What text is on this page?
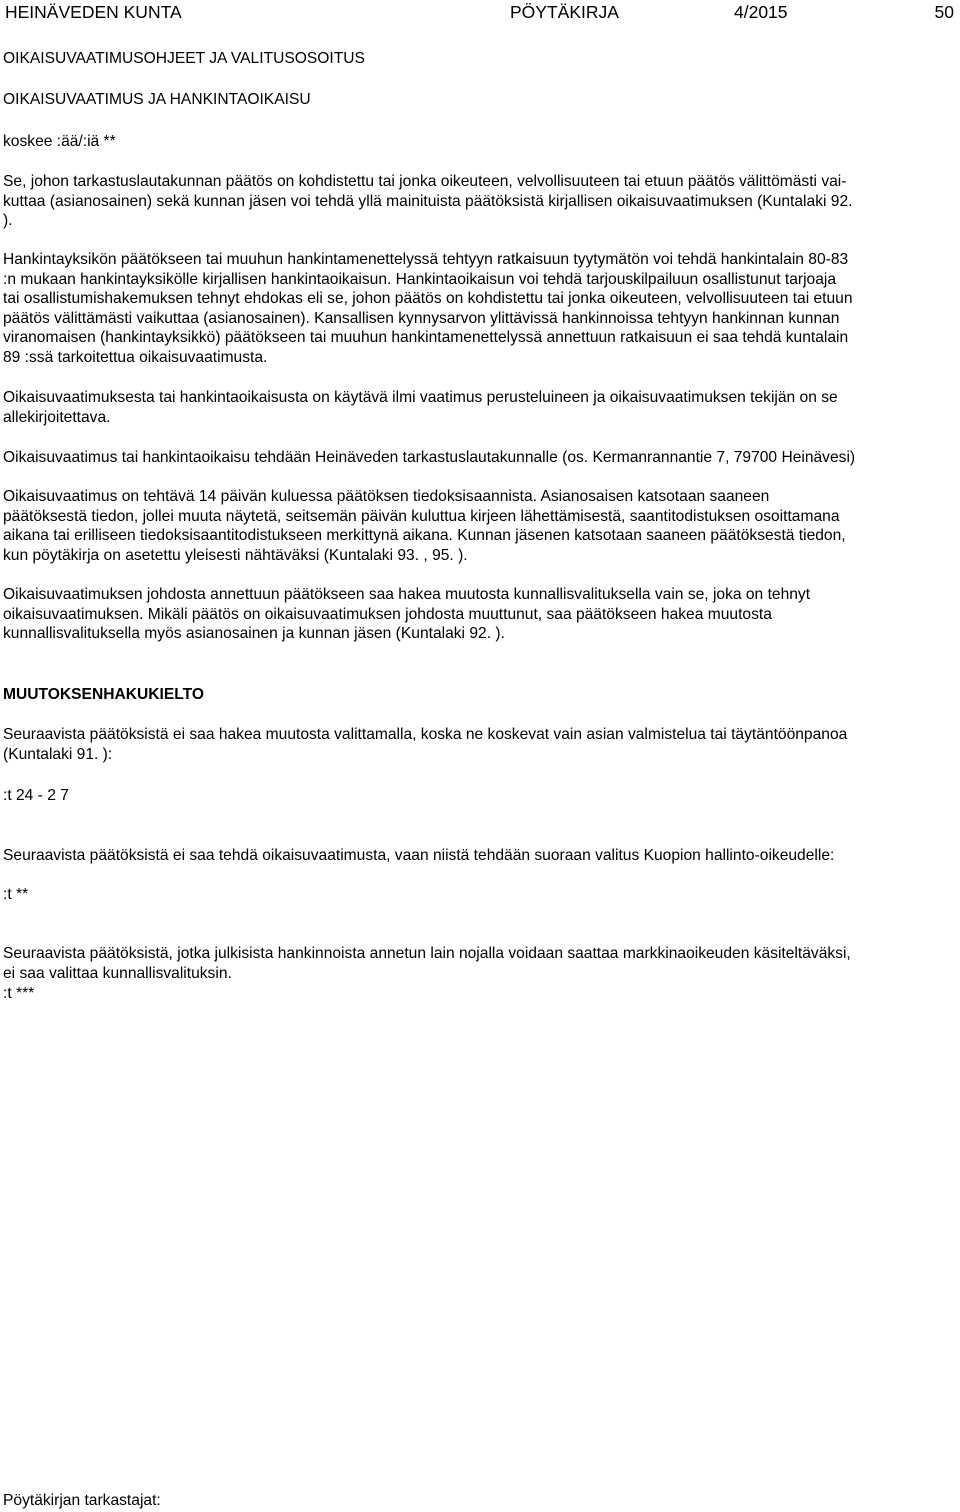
HEINÄVEDEN KUNTA	PÖYTÄKIRJA	4/2015	50
OIKAISUVAATIMUSOHJEET JA VALITUSOSOITUS
OIKAISUVAATIMUS JA HANKINTAOIKAISU
koskee :ää/:iä **

Se, johon tarkastuslautakunnan päätös on kohdistettu tai jonka oikeuteen, velvollisuuteen tai etuun päätös välittömästi vai-

kuttaa (asianosainen) sekä kunnan jäsen voi tehdä yllä mainituista päätöksistä kirjallisen oikaisuvaatimuksen (Kuntalaki 92.

).

Hankintayksikön päätökseen tai muuhun hankintamenettelyssä tehtyyn ratkaisuun tyytymätön voi tehdä hankintalain 80-83

:n mukaan hankintayksikölle kirjallisen hankintaoikaisun. Hankintaoikaisun voi tehdä tarjouskilpailuun osallistunut tarjoaja

tai osallistumishakemuksen tehnyt ehdokas eli se, johon päätös on kohdistettu tai jonka oikeuteen, velvollisuuteen tai etuun

päätös välittämästi vaikuttaa (asianosainen). Kansallisen kynnysarvon ylittävissä hankinnoissa tehtyyn hankinnan kunnan

viranomaisen (hankintayksikkö) päätökseen tai muuhun hankintamenettelyssä annettuun ratkaisuun ei saa tehdä kuntalain

89 :ssä tarkoitettua oikaisuvaatimusta.

Oikaisuvaatimuksesta tai hankintaoikaisusta on käytävä ilmi vaatimus perusteluineen ja oikaisuvaatimuksen tekijän on se

allekirjoitettava.

Oikaisuvaatimus tai hankintaoikaisu tehdään Heinäveden tarkastuslautakunnalle (os. Kermanrannantie 7, 79700 Heinävesi)

Oikaisuvaatimus on tehtävä 14 päivän kuluessa päätöksen tiedoksisaannista. Asianosaisen katsotaan saaneen

päätöksestä tiedon, jollei muuta näytetä, seitsemän päivän kuluttua kirjeen lähettämisestä, saantitodistuksen osoittamana

aikana tai erilliseen tiedoksisaantitodistukseen merkittynä aikana. Kunnan jäsenen katsotaan saaneen päätöksestä tiedon,

kun pöytäkirja on asetettu yleisesti nähtäväksi (Kuntalaki 93. , 95. ).

Oikaisuvaatimuksen johdosta annettuun päätökseen saa hakea muutosta kunnallisvalituksella vain se, joka on tehnyt

oikaisuvaatimuksen. Mikäli päätös on oikaisuvaatimuksen johdosta muuttunut, saa päätökseen hakea muutosta

kunnallisvalituksella myös asianosainen ja kunnan jäsen (Kuntalaki 92. ).

MUUTOKSENHAKUKIELTO

Seuraavista päätöksistä ei saa hakea muutosta valittamalla, koska ne koskevat vain asian valmistelua tai täytäntöönpanoa

(Kuntalaki 91. ):

:t 24 - 2 7
Seuraavista päätöksistä ei saa tehdä oikaisuvaatimusta, vaan niistä tehdään suoraan valitus Kuopion hallinto-oikeudelle:
:t **

Seuraavista päätöksistä, jotka julkisista hankinnoista annetun lain nojalla voidaan saattaa markkinaoikeuden käsiteltäväksi,

ei saa valittaa kunnallisvalituksin.

:t ***
Pöytäkirjan tarkastajat:
